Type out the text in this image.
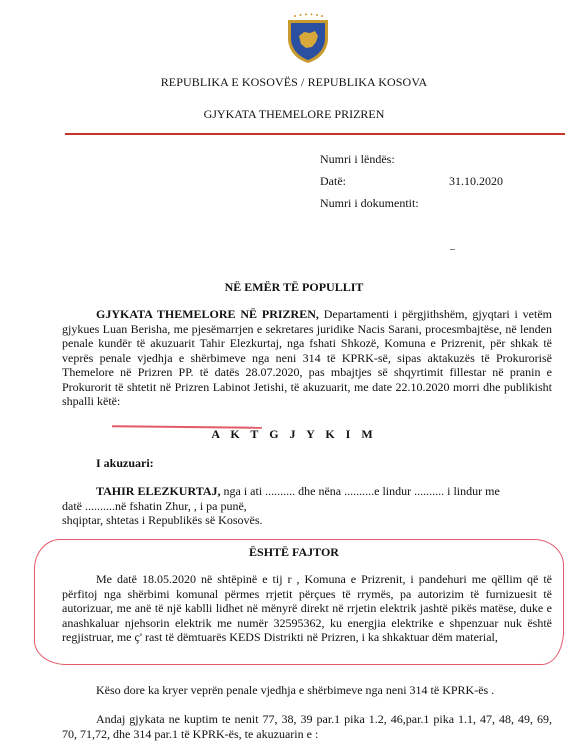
REPUBLIKA E KOSOVËS / REPUBLIKA KOSOVA
GJYKATA THEMELORE PRIZREN
Numri i lëndës:
Datë:	31.10.2020
Numri i dokumentit:
_
NË EMËR TË POPULLIT

GJYKATA THEMELORE NË PRIZREN, Departamenti i përgjithshëm, gjyqtari i vetëm gjykues Luan Berisha, me pjesëmarrjen e sekretares juridike Nacis Sarani, procesmbajtëse, në lenden penale kundër të akuzuarit Tahir Elezkurtaj, nga fshati Shkozë, Komuna e Prizrenit, për shkak të veprës penale vjedhja e shërbimeve nga neni 314 të KPRK-së, sipas aktakuzës të Prokurorisë Themelore në Prizren PP. të datës 28.07.2020, pas mbajtjes së shqyrtimit fillestar në pranin e Prokurorit të shtetit në Prizren Labinot Jetishi, të akuzuarit, me date 22.10.2020 morri dhe publikisht shpalli këtë:

A K T G J Y K I M

I akuzuari:

TAHIR ELEZKURTAJ, nga i ati .......... dhe nëna ..........e lindur .......... i lindur me

datë ..........në fshatin Zhur, , i pa punë,

shqiptar, shtetas i Republikës së Kosovës.

ËSHTË FAJTOR

Me datë 18.05.2020 në shtëpinë e tij r , Komuna e Prizrenit, i pandehuri me qëllim që të përfitoj nga shërbimi komunal përmes rrjetit përçues të rrymës, pa autorizim të furnizuesit të autorizuar, me anë të një kablli lidhet në mënyrë direkt në rrjetin elektrik jashtë pikës matëse, duke e anashkaluar njehsorin elektrik me numër 32595362, ku energjia elektrike e shpenzuar nuk është regjistruar, me ç' rast të dëmtuarës KEDS Distrikti në Prizren, i ka shkaktuar dëm material,

Këso dore ka kryer veprën penale vjedhja e shërbimeve nga neni 314 të KPRK-ës .

Andaj gjykata ne kuptim te nenit 77, 38, 39 par.1 pika 1.2, 46,par.1 pika 1.1, 47, 48, 49, 69, 70, 71,72, dhe 314 par.1 të KPRK-ës, te akuzuarin e :
